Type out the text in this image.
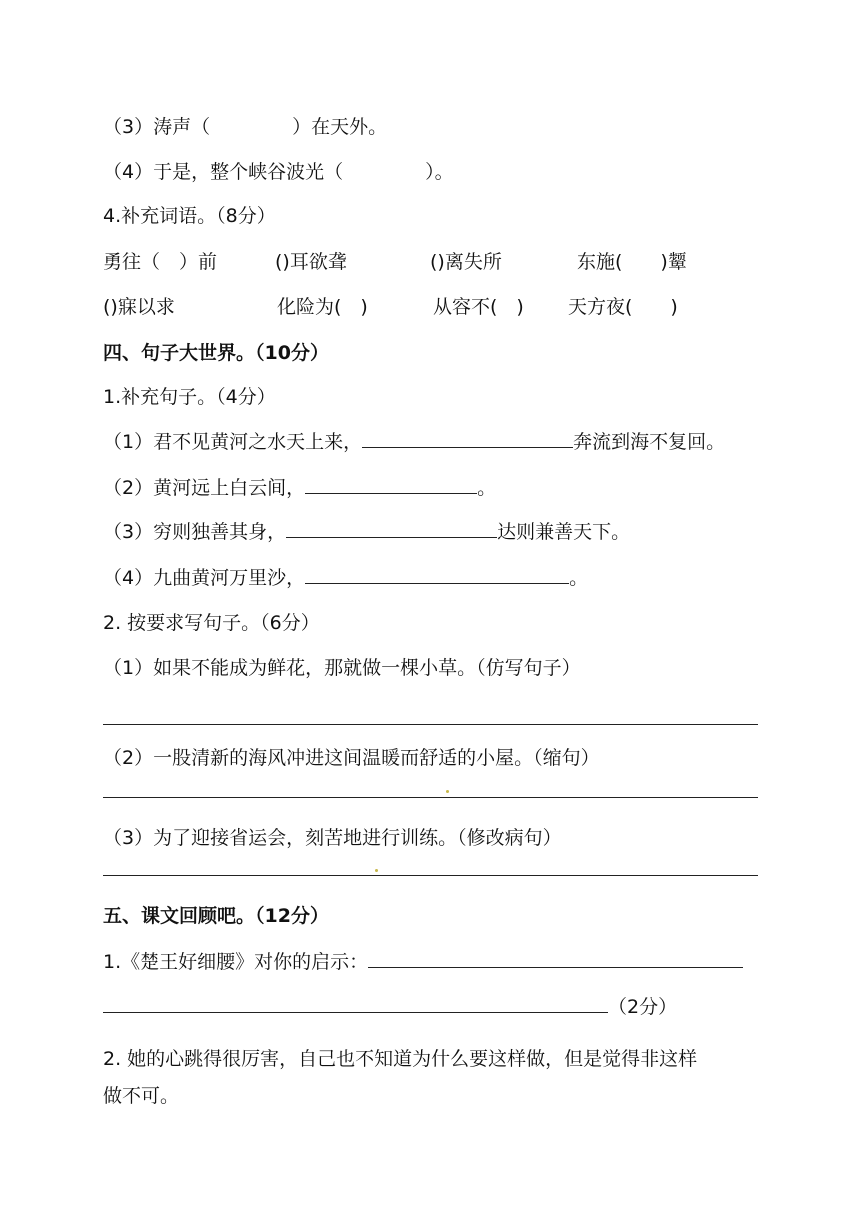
（3）涛声（	）在天外。
（4）于是，整个峡谷波光（	）。
4.补充词语。（8分）
勇往（　）前	()耳欲聋	()离失所	东施(　　)颦
()寐以求	化险为(　)	从容不(　) 天方夜(　　)
四、句子大世界。（10分）
1.补充句子。（4分）
（1）君不见黄河之水天上来，	奔流到海不复回。
（2）黄河远上白云间，	。
（3）穷则独善其身，	达则兼善天下。
（4）九曲黄河万里沙，	。
2. 按要求写句子。（6分）
（1）如果不能成为鲜花，那就做一棵小草。（仿写句子）
（2）一股清新的海风冲进这间温暖而舒适的小屋。（缩句）
（3）为了迎接省运会，刻苦地进行训练。（修改病句）
五、课文回顾吧。（12分）
1.《楚王好细腰》对你的启示：
（2分）
2. 她的心跳得很厉害，自己也不知道为什么要这样做，但是觉得非这样
做不可。
